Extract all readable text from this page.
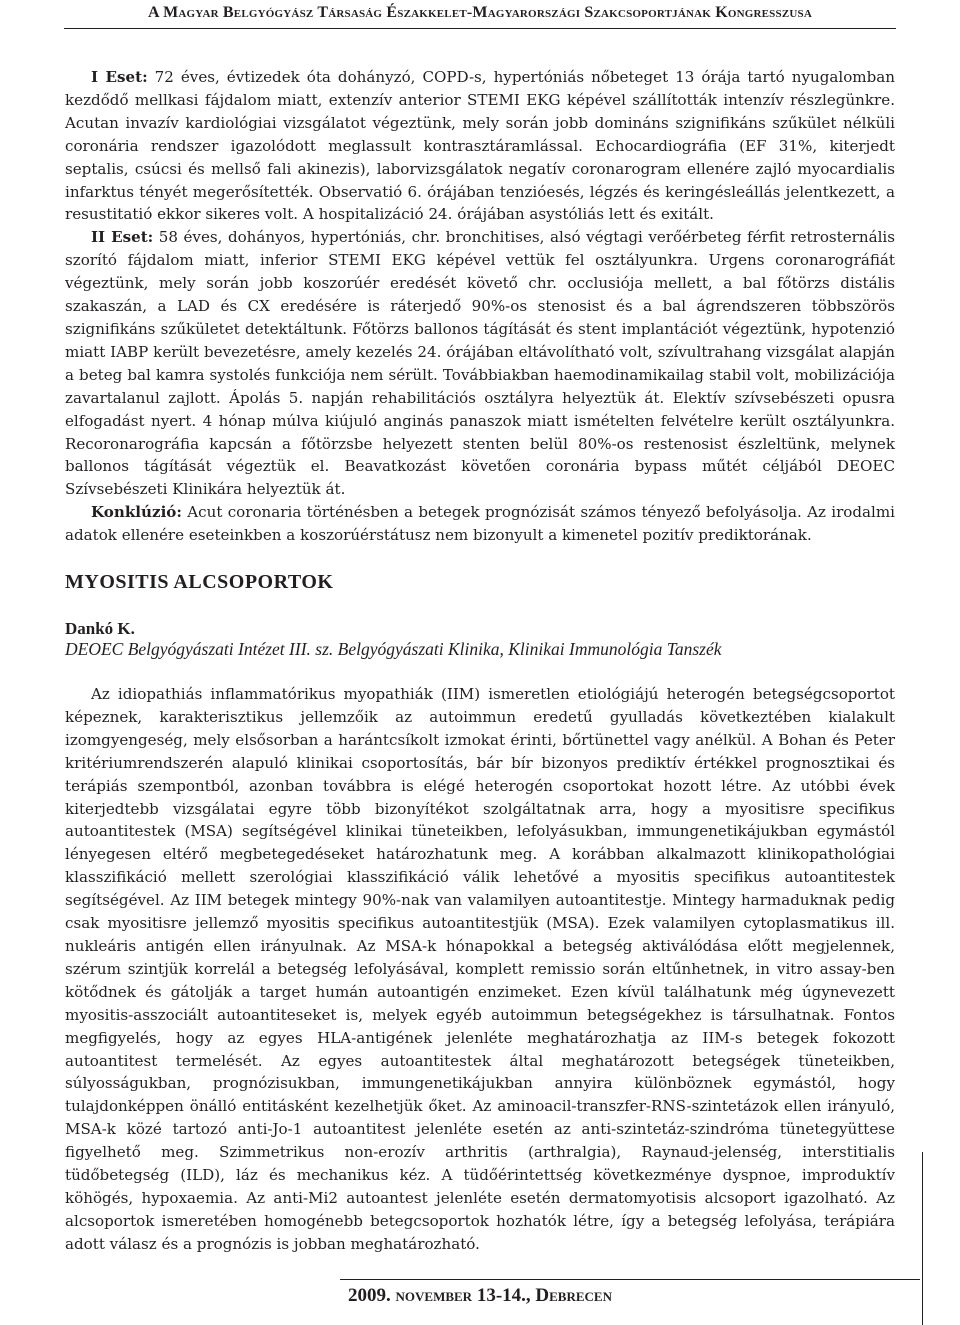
A Magyar Belgyógyász Társaság Északkelet-Magyarországi Szakcsoportjának Kongresszusa

I Eset: 72 éves, évtizedek óta dohányzó, COPD-s, hypertóniás nőbeteget 13 órája tartó nyugalomban kezdődő mellkasi fájdalom miatt, extenzív anterior STEMI EKG képével szállították intenzív részlegünkre. Acutan invazív kardiológiai vizsgálatot végeztünk, mely során jobb domináns szignifikáns szűkület nélküli coronária rendszer igazolódott meglassult kontrasztáramlással. Echocardiográfia (EF 31%, kiterjedt septalis, csúcsi és mellső fali akinezis), laborvizsgálatok negatív coronarogram ellenére zajló myocardialis infarktus tényét megerősítették. Observatió 6. órájában tenzióesés, légzés és keringésleállás jelentkezett, a resustitatió ekkor sikeres volt. A hospitalizáció 24. órájában asystóliás lett és exitált.

II Eset: 58 éves, dohányos, hypertóniás, chr. bronchitises, alsó végtagi verőérbeteg férfit retrosternális szorító fájdalom miatt, inferior STEMI EKG képével vettük fel osztályunkra. Urgens coronarográfiát végeztünk, mely során jobb koszorúér eredését követő chr. occlusiója mellett, a bal főtörzs distális szakaszán, a LAD és CX eredésére is ráterjedő 90%-os stenosist és a bal ágrendszeren többszörös szignifikáns szűkületet detektáltunk. Főtörzs ballonos tágítását és stent implantációt végeztünk, hypotenzió miatt IABP került bevezetésre, amely kezelés 24. órájában eltávolítható volt, szívultrahang vizsgálat alapján a beteg bal kamra systolés funkciója nem sérült. Továbbiakban haemodinamikailag stabil volt, mobilizációja zavartalanul zajlott. Ápolás 5. napján rehabilitációs osztályra helyeztük át. Elektív szívsebészeti opusra elfogadást nyert. 4 hónap múlva kiújuló anginás panaszok miatt ismételten felvételre került osztályunkra. Recoronarográfia kapcsán a főtörzsbe helyezett stenten belül 80%-os restenosist észleltünk, melynek ballonos tágítását végeztük el. Beavatkozást követően coronária bypass műtét céljából DEOEC Szívsebészeti Klinikára helyeztük át.

Konklúzió: Acut coronaria történésben a betegek prognózisát számos tényező befolyásolja. Az irodalmi adatok ellenére eseteinkben a koszorúérstátusz nem bizonyult a kimenetel pozitív prediktorának.

MYOSITIS ALCSOPORTOK
Dankó K.
DEOEC Belgyógyászati Intézet III. sz. Belgyógyászati Klinika, Klinikai Immunológia Tanszék

Az idiopathiás inflammatórikus myopathiák (IIM) ismeretlen etiológiájú heterogén betegségcsoportot képeznek, karakterisztikus jellemzőik az autoimmun eredetű gyulladás következtében kialakult izomgyengeség, mely elsősorban a harántcsíkolt izmokat érinti, bőrtünettel vagy anélkül. A Bohan és Peter kritériumrendszerén alapuló klinikai csoportosítás, bár bír bizonyos prediktív értékkel prognosztikai és terápiás szempontból, azonban továbbra is elégé heterogén csoportokat hozott létre. Az utóbbi évek kiterjedtebb vizsgálatai egyre több bizonyítékot szolgáltatnak arra, hogy a myositisre specifikus autoantitestek (MSA) segítségével klinikai tüneteikben, lefolyásukban, immungenetikájukban egymástól lényegesen eltérő megbetegedéseket határozhatunk meg. A korábban alkalmazott klinikopathológiai klasszifikáció mellett szerológiai klasszifikáció válik lehetővé a myositis specifikus autoantitestek segítségével. Az IIM betegek mintegy 90%-nak van valamilyen autoantitestje. Mintegy harmaduknak pedig csak myositisre jellemző myositis specifikus autoantitestjük (MSA). Ezek valamilyen cytoplasmatikus ill. nukleáris antigén ellen irányulnak. Az MSA-k hónapokkal a betegség aktiválódása előtt megjelennek, szérum szintjük korrelál a betegség lefolyásával, komplett remissio során eltűnhetnek, in vitro assay-ben kötődnek és gátolják a target humán autoantigén enzimeket. Ezen kívül találhatunk még úgynevezett myositis-asszociált autoantiteseket is, melyek egyéb autoimmun betegségekhez is társulhatnak. Fontos megfigyelés, hogy az egyes HLA-antigének jelenléte meghatározhatja az IIM-s betegek fokozott autoantitest termelését. Az egyes autoantitestek által meghatározott betegségek tüneteikben, súlyosságukban, prognózisukban, immungenetikájukban annyira különböznek egymástól, hogy tulajdonképpen önálló entitásként kezelhetjük őket. Az aminoacil-transzfer-RNS-szintetázok ellen irányuló, MSA-k közé tartozó anti-Jo-1 autoantitest jelenléte esetén az anti-szintetáz-szindróma tünetegyüttese figyelhető meg. Szimmetrikus non-erozív arthritis (arthralgia), Raynaud-jelenség, interstitialis tüdőbetegség (ILD), láz és mechanikus kéz. A tüdőérintettség következménye dyspnoe, improduktív köhögés, hypoxaemia. Az anti-Mi2 autoantest jelenléte esetén dermatomyotisis alcsoport igazolható. Az alcsoportok ismeretében homogénebb betegcsoportok hozhatók létre, így a betegség lefolyása, terápiára adott válasz és a prognózis is jobban meghatározható.

2009. november 13-14., Debrecen
